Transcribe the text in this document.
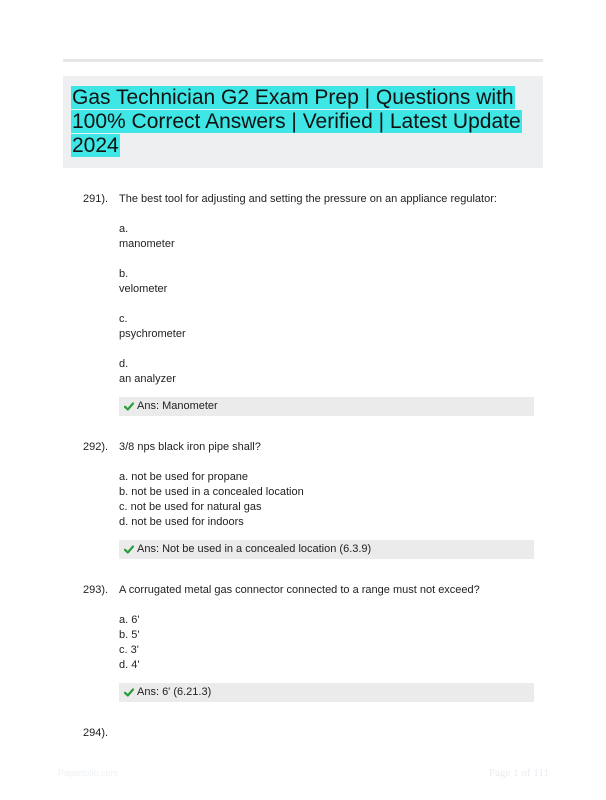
Gas Technician G2 Exam Prep | Questions with 100% Correct Answers | Verified | Latest Update 2024
291). The best tool for adjusting and setting the pressure on an appliance regulator:
a.
manometer
b.
velometer
c.
psychrometer
d.
an analyzer
Ans: Manometer
292). 3/8 nps black iron pipe shall?
a. not be used for propane
b. not be used in a concealed location
c. not be used for natural gas
d. not be used for indoors
Ans: Not be used in a concealed location (6.3.9)
293). A corrugated metal gas connector connected to a range must not exceed?
a. 6'
b. 5'
c. 3'
d. 4'
Ans: 6' (6.21.3)
294).
Paperfolio.com	Page 1 of 111
